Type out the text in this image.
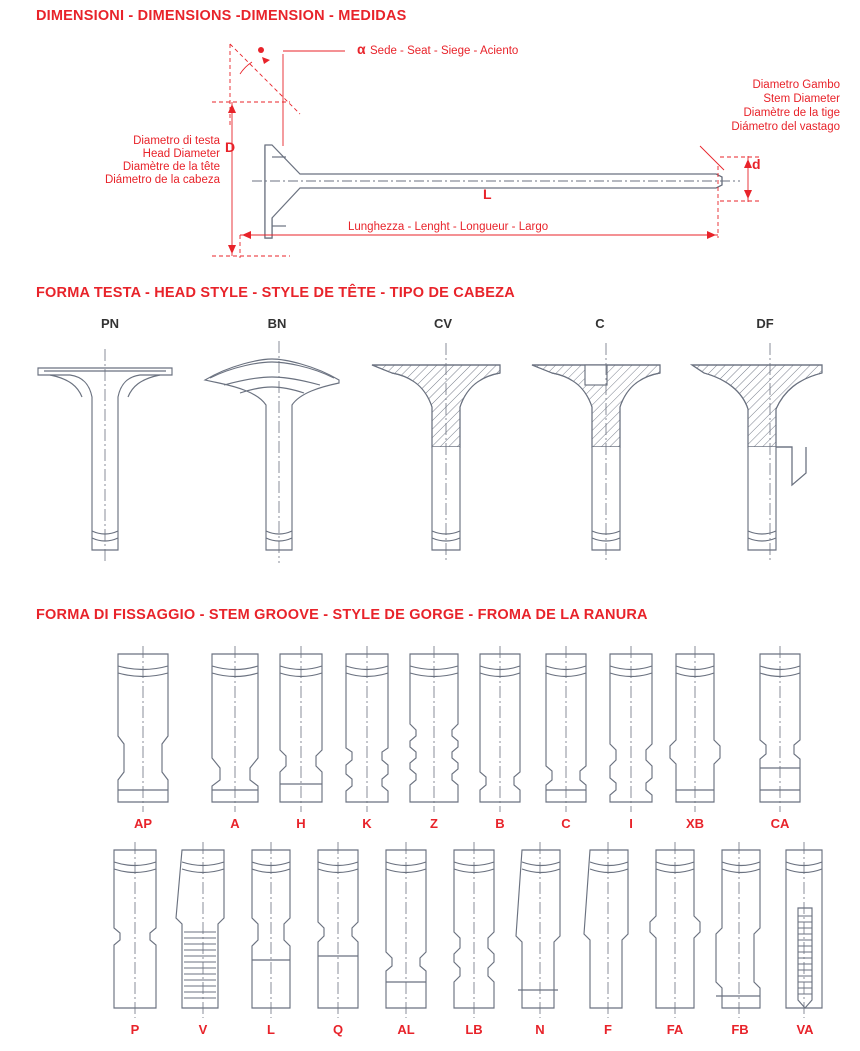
DIMENSIONI - DIMENSIONS -DIMENSION - MEDIDAS
α Sede - Seat - Siege - Aciento
Diametro di testa
Head Diameter
Diamètre de la tête
Diámetro de la cabeza
D
Diametro Gambo
Stem Diameter
Diamètre de la tige
Diámetro del vastago
d
L
Lunghezza - Lenght - Longueur - Largo
FORMA TESTA - HEAD STYLE - STYLE DE TÊTE - TIPO DE CABEZA
PN	BN	CV	C	DF
FORMA DI FISSAGGIO - STEM GROOVE - STYLE DE GORGE - FROMA DE LA RANURA
AP	A	H	K	Z	B	C	I	XB	CA
P	V	L	Q	AL	LB	N	F	FA	FB	VA
